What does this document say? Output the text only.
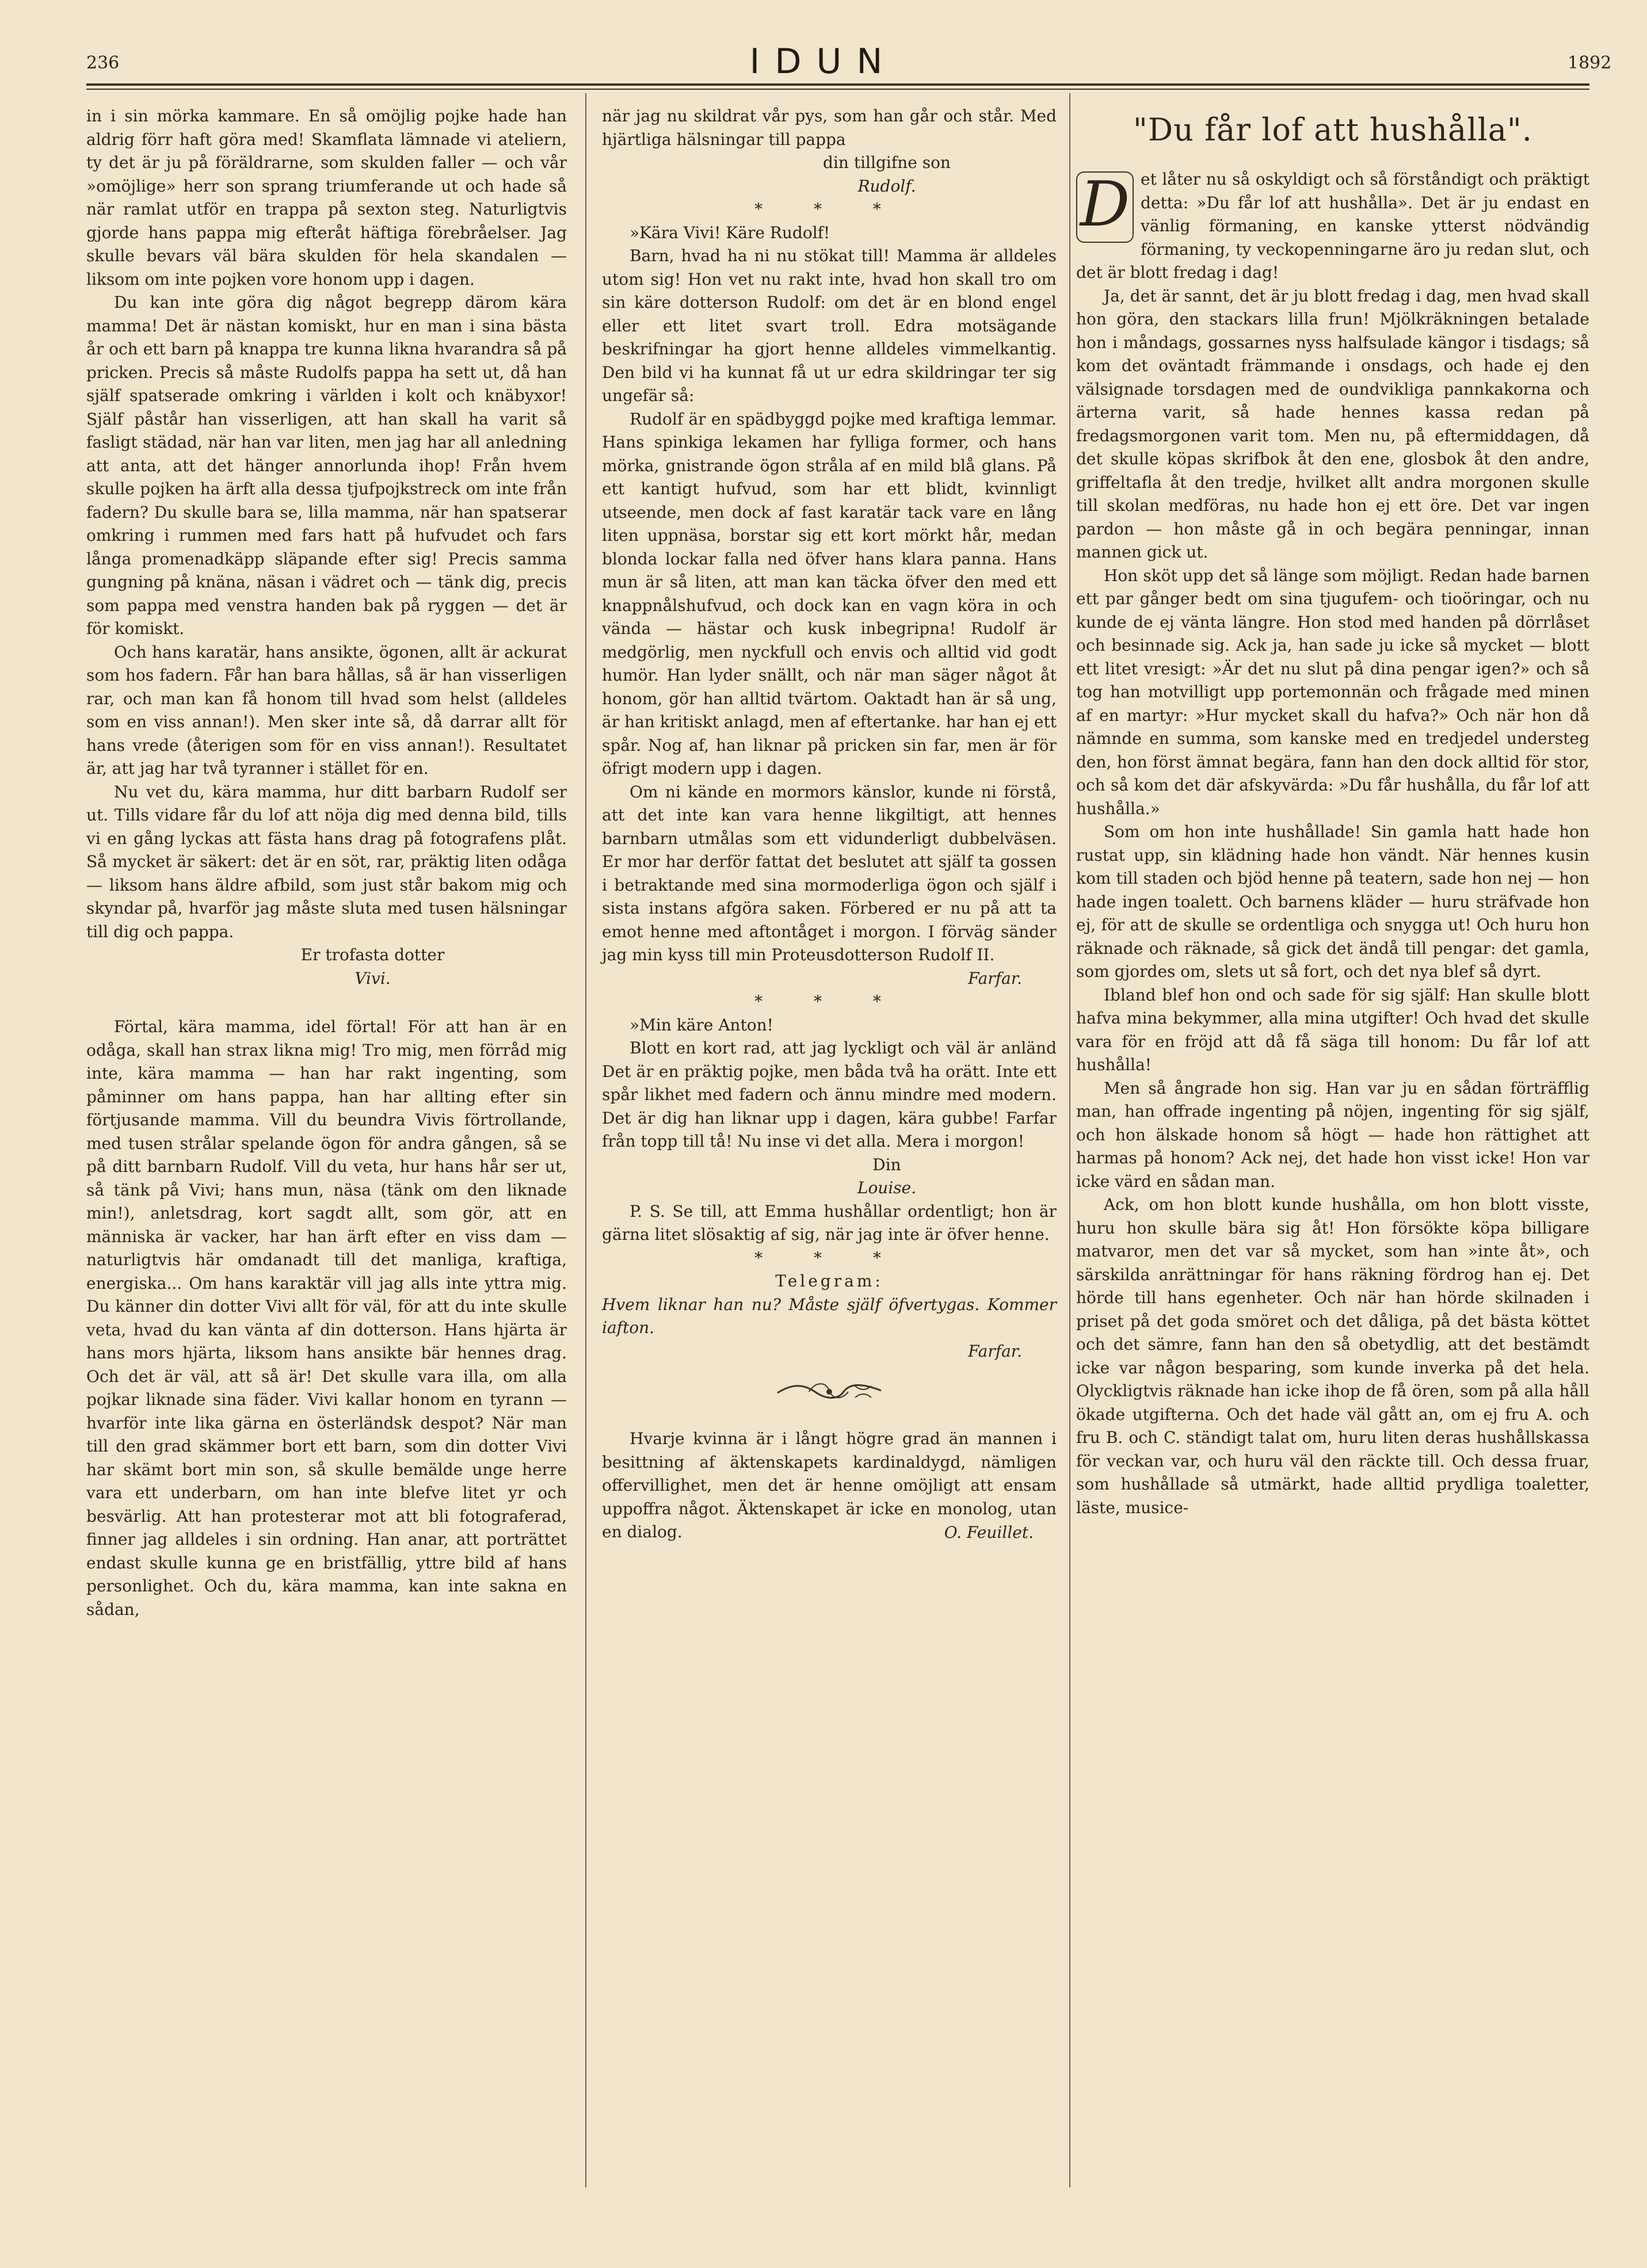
236	IDUN	1892

in i sin mörka kammare. En så omöjlig pojke hade han aldrig förr haft göra med! Skamflata lämnade vi ateliern, ty det är ju på föräldrarne, som skulden faller — och vår »omöjlige» herr son sprang triumferande ut och hade så när ramlat utför en trappa på sexton steg. Naturligtvis gjorde hans pappa mig efteråt häftiga förebråelser. Jag skulle bevars väl bära skulden för hela skandalen — liksom om inte pojken vore honom upp i dagen.

Du kan inte göra dig något begrepp därom kära mamma! Det är nästan komiskt, hur en man i sina bästa år och ett barn på knappa tre kunna likna hvarandra så på pricken. Precis så måste Rudolfs pappa ha sett ut, då han själf spatserade omkring i världen i kolt och knäbyxor! Själf påstår han visserligen, att han skall ha varit så fasligt städad, när han var liten, men jag har all anledning att anta, att det hänger annorlunda ihop! Från hvem skulle pojken ha ärft alla dessa tjufpojkstreck om inte från fadern? Du skulle bara se, lilla mamma, när han spatserar omkring i rummen med fars hatt på hufvudet och fars långa promenadkäpp släpande efter sig! Precis samma gungning på knäna, näsan i vädret och — tänk dig, precis som pappa med venstra handen bak på ryggen — det är för komiskt.

Och hans karatär, hans ansikte, ögonen, allt är ackurat som hos fadern. Får han bara hållas, så är han visserligen rar, och man kan få honom till hvad som helst (alldeles som en viss annan!). Men sker inte så, då darrar allt för hans vrede (återigen som för en viss annan!). Resultatet är, att jag har två tyranner i stället för en.

Nu vet du, kära mamma, hur ditt barbarn Rudolf ser ut. Tills vidare får du lof att nöja dig med denna bild, tills vi en gång lyckas att fästa hans drag på fotografens plåt. Så mycket är säkert: det är en söt, rar, präktig liten odåga — liksom hans äldre afbild, som just står bakom mig och skyndar på, hvarför jag måste sluta med tusen hälsningar till dig och pappa.

Er trofasta dotter

Vivi.

Förtal, kära mamma, idel förtal! För att han är en odåga, skall han strax likna mig! Tro mig, men förråd mig inte, kära mamma — han har rakt ingenting, som påminner om hans pappa, han har allting efter sin förtjusande mamma. Vill du beundra Vivis förtrollande, med tusen strålar spelande ögon för andra gången, så se på ditt barnbarn Rudolf. Vill du veta, hur hans hår ser ut, så tänk på Vivi; hans mun, näsa (tänk om den liknade min!), anletsdrag, kort sagdt allt, som gör, att en människa är vacker, har han ärft efter en viss dam — naturligtvis här omdanadt till det manliga, kraftiga, energiska... Om hans karaktär vill jag alls inte yttra mig. Du känner din dotter Vivi allt för väl, för att du inte skulle veta, hvad du kan vänta af din dotterson. Hans hjärta är hans mors hjärta, liksom hans ansikte bär hennes drag. Och det är väl, att så är! Det skulle vara illa, om alla pojkar liknade sina fäder. Vivi kallar honom en tyrann — hvarför inte lika gärna en österländsk despot? När man till den grad skämmer bort ett barn, som din dotter Vivi har skämt bort min son, så skulle bemälde unge herre vara ett underbarn, om han inte blefve litet yr och besvärlig. Att han protesterar mot att bli fotograferad, finner jag alldeles i sin ordning. Han anar, att porträttet endast skulle kunna ge en bristfällig, yttre bild af hans personlighet. Och du, kära mamma, kan inte sakna en sådan,

när jag nu skildrat vår pys, som han går och står. Med hjärtliga hälsningar till pappa

din tillgifne son

Rudolf.

* * *

»Kära Vivi! Käre Rudolf!

Barn, hvad ha ni nu stökat till! Mamma är alldeles utom sig! Hon vet nu rakt inte, hvad hon skall tro om sin käre dotterson Rudolf: om det är en blond engel eller ett litet svart troll. Edra motsägande beskrifningar ha gjort henne alldeles vimmelkantig. Den bild vi ha kunnat få ut ur edra skildringar ter sig ungefär så:

Rudolf är en spädbyggd pojke med kraftiga lemmar. Hans spinkiga lekamen har fylliga former, och hans mörka, gnistrande ögon stråla af en mild blå glans. På ett kantigt hufvud, som har ett blidt, kvinnligt utseende, men dock af fast karatär tack vare en lång liten uppnäsa, borstar sig ett kort mörkt hår, medan blonda lockar falla ned öfver hans klara panna. Hans mun är så liten, att man kan täcka öfver den med ett knappnålshufvud, och dock kan en vagn köra in och vända — hästar och kusk inbegripna! Rudolf är medgörlig, men nyckfull och envis och alltid vid godt humör. Han lyder snällt, och när man säger något åt honom, gör han alltid tvärtom. Oaktadt han är så ung, är han kritiskt anlagd, men af eftertanke. har han ej ett spår. Nog af, han liknar på pricken sin far, men är för öfrigt modern upp i dagen.

Om ni kände en mormors känslor, kunde ni förstå, att det inte kan vara henne likgiltigt, att hennes barnbarn utmålas som ett vidunderligt dubbelväsen. Er mor har derför fattat det beslutet att själf ta gossen i betraktande med sina mormoderliga ögon och själf i sista instans afgöra saken. Förbered er nu på att ta emot henne med aftontåget i morgon. I förväg sänder jag min kyss till min Proteusdotterson Rudolf II.

Farfar.

* * *

»Min käre Anton!

Blott en kort rad, att jag lyckligt och väl är anländ Det är en präktig pojke, men båda två ha orätt. Inte ett spår likhet med fadern och ännu mindre med modern. Det är dig han liknar upp i dagen, kära gubbe! Farfar från topp till tå! Nu inse vi det alla. Mera i morgon!

Din

Louise.

P. S. Se till, att Emma hushållar ordentligt; hon är gärna litet slösaktig af sig, när jag inte är öfver henne.

* * *

Telegram:

Hvem liknar han nu? Måste själf öfvertygas. Kommer iafton.

Farfar.

Hvarje kvinna är i långt högre grad än mannen i besittning af äktenskapets kardinaldygd, nämligen offervillighet, men det är henne omöjligt att ensam uppoffra något. Äktenskapet är icke en monolog, utan en dialog.	O. Feuillet.

"Du får lof att hushålla".

D et låter nu så oskyldigt och så förståndigt och präktigt detta: »Du får lof att hushålla». Det är ju endast en vänlig förmaning, en kanske ytterst nödvändig förmaning, ty veckopenningarne äro ju redan slut, och det är blott fredag i dag!

Ja, det är sannt, det är ju blott fredag i dag, men hvad skall hon göra, den stackars lilla frun! Mjölkräkningen betalade hon i måndags, gossarnes nyss halfsulade kängor i tisdags; så kom det oväntadt främmande i onsdags, och hade ej den välsignade torsdagen med de oundvikliga pannkakorna och ärterna varit, så hade hennes kassa redan på fredagsmorgonen varit tom. Men nu, på eftermiddagen, då det skulle köpas skrifbok åt den ene, glosbok åt den andre, griffeltafla åt den tredje, hvilket allt andra morgonen skulle till skolan medföras, nu hade hon ej ett öre. Det var ingen pardon — hon måste gå in och begära penningar, innan mannen gick ut.

Hon sköt upp det så länge som möjligt. Redan hade barnen ett par gånger bedt om sina tjugufem- och tioöringar, och nu kunde de ej vänta längre. Hon stod med handen på dörrlåset och besinnade sig. Ack ja, han sade ju icke så mycket — blott ett litet vresigt: »Är det nu slut på dina pengar igen?» och så tog han motvilligt upp portemonnän och frågade med minen af en martyr: »Hur mycket skall du hafva?» Och när hon då nämnde en summa, som kanske med en tredjedel understeg den, hon först ämnat begära, fann han den dock alltid för stor, och så kom det där afskyvärda: »Du får hushålla, du får lof att hushålla.»

Som om hon inte hushållade! Sin gamla hatt hade hon rustat upp, sin klädning hade hon vändt. När hennes kusin kom till staden och bjöd henne på teatern, sade hon nej — hon hade ingen toalett. Och barnens kläder — huru sträfvade hon ej, för att de skulle se ordentliga och snygga ut! Och huru hon räknade och räknade, så gick det ändå till pengar: det gamla, som gjordes om, slets ut så fort, och det nya blef så dyrt.

Ibland blef hon ond och sade för sig själf: Han skulle blott hafva mina bekymmer, alla mina utgifter! Och hvad det skulle vara för en fröjd att då få säga till honom: Du får lof att hushålla!

Men så ångrade hon sig. Han var ju en sådan förträfflig man, han offrade ingenting på nöjen, ingenting för sig själf, och hon älskade honom så högt — hade hon rättighet att harmas på honom? Ack nej, det hade hon visst icke! Hon var icke värd en sådan man.

Ack, om hon blott kunde hushålla, om hon blott visste, huru hon skulle bära sig åt! Hon försökte köpa billigare matvaror, men det var så mycket, som han »inte åt», och särskilda anrättningar för hans räkning fördrog han ej. Det hörde till hans egenheter. Och när han hörde skilnaden i priset på det goda smöret och det dåliga, på det bästa köttet och det sämre, fann han den så obetydlig, att det bestämdt icke var någon besparing, som kunde inverka på det hela. Olyckligtvis räknade han icke ihop de få ören, som på alla håll ökade utgifterna. Och det hade väl gått an, om ej fru A. och fru B. och C. ständigt talat om, huru liten deras hushållskassa för veckan var, och huru väl den räckte till. Och dessa fruar, som hushållade så utmärkt, hade alltid prydliga toaletter, läste, musice-
